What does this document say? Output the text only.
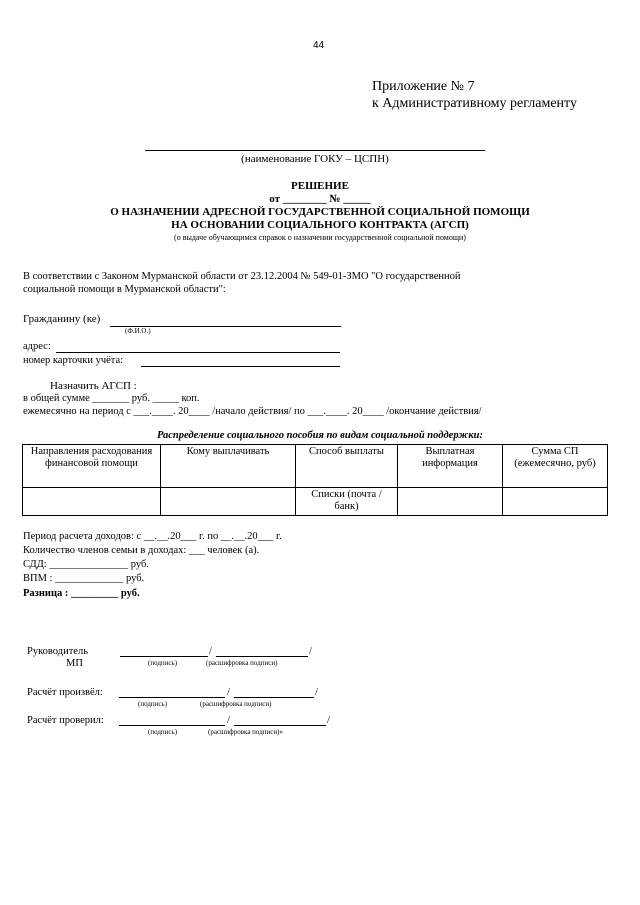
44
Приложение № 7
к Административному регламенту
(наименование ГОКУ – ЦСПН)
РЕШЕНИЕ
от ________ № _____
О НАЗНАЧЕНИИ АДРЕСНОЙ ГОСУДАРСТВЕННОЙ СОЦИАЛЬНОЙ ПОМОЩИ
НА ОСНОВАНИИ СОЦИАЛЬНОГО КОНТРАКТА (АГСП)
(о выдаче обучающимся справок о назначении государственной социальной помощи)
В соответствии с Законом Мурманской области от 23.12.2004 № 549-01-ЗМО "О государственной
социальной помощи в Мурманской области":
Гражданину (ке)
(Ф.И.О.)
адрес:
номер карточки учёта:
Назначить АГСП :
в общей сумме _______ руб. _____ коп.
ежемесячно на период с ___.____. 20____ /начало действия/ по ___.____. 20____ /окончание действия/
Распределение социального пособия по видам социальной поддержки:
Направления расходования финансовой помощи	Кому выплачивать	Способ выплаты	Выплатная информация	Сумма СП (ежемесячно, руб)
		Списки (почта / банк)		
Период расчета доходов: с __.__.20___ г. по __.__.20___ г.
Количество членов семьи в доходах: ___ человек (а).
СДД: _______________ руб.
ВПМ : _____________ руб.
Разница : _________ руб.
Руководитель
МП
/	/
(подпись)	(расшифровка подписи)
Расчёт произвёл:	/	/
(подпись)	(расшифровка подписи)
Расчёт проверил:	/	/
(подпись)	(расшифровка подписи)»
